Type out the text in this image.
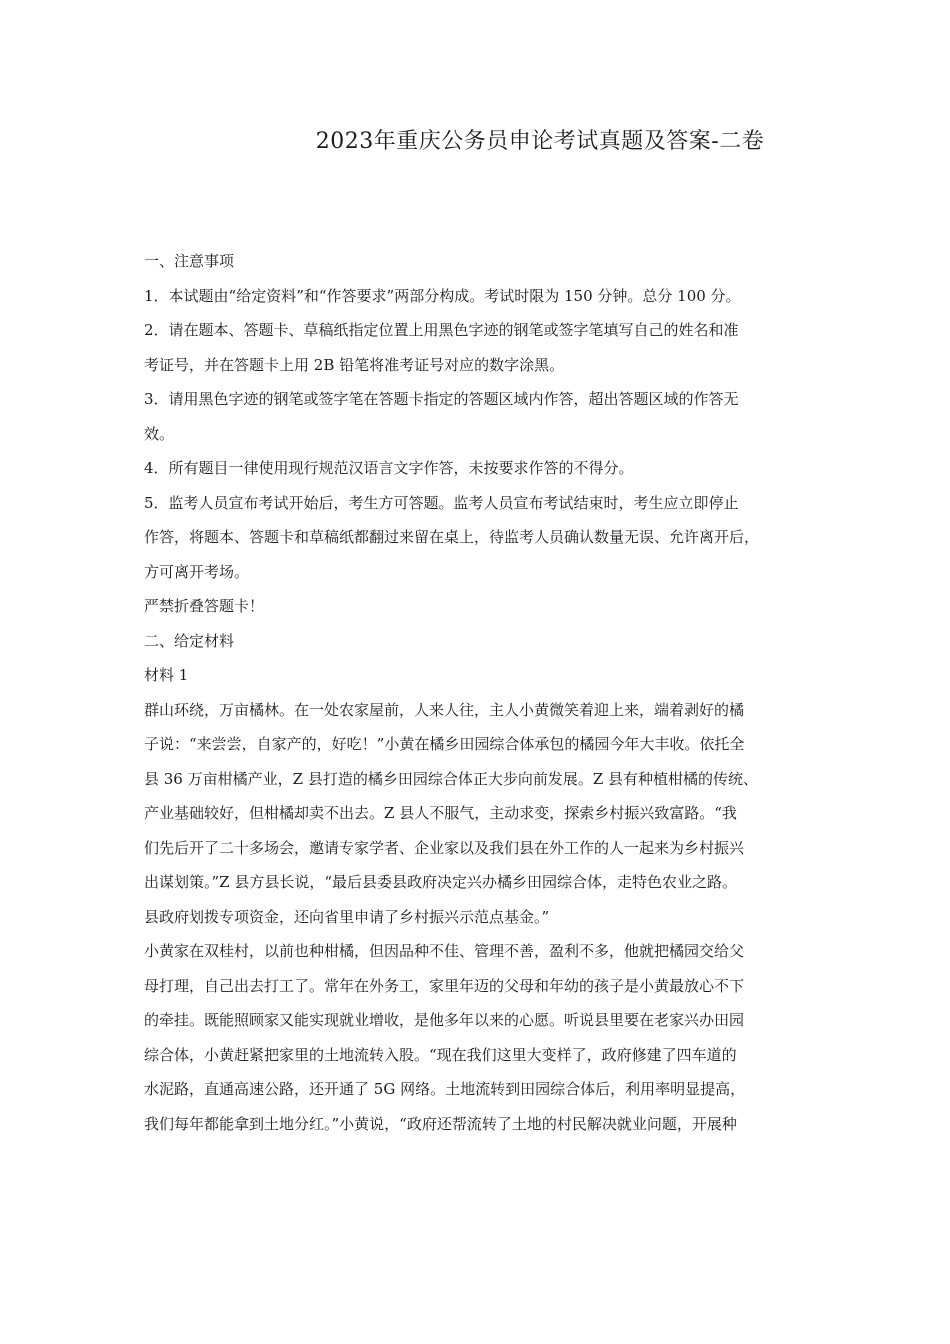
2023年重庆公务员申论考试真题及答案-二卷
一、注意事项
1．本试题由“给定资料”和“作答要求”两部分构成。考试时限为 150 分钟。总分 100 分。
2．请在题本、答题卡、草稿纸指定位置上用黑色字迹的钢笔或签字笔填写自己的姓名和准
考证号，并在答题卡上用 2B 铅笔将准考证号对应的数字涂黑。
3．请用黑色字迹的钢笔或签字笔在答题卡指定的答题区域内作答，超出答题区域的作答无
效。
4．所有题目一律使用现行规范汉语言文字作答，未按要求作答的不得分。
5．监考人员宣布考试开始后，考生方可答题。监考人员宣布考试结束时，考生应立即停止
作答，将题本、答题卡和草稿纸都翻过来留在桌上，待监考人员确认数量无误、允许离开后，
方可离开考场。
严禁折叠答题卡！
二、给定材料
材料 1
群山环绕，万亩橘林。在一处农家屋前，人来人往，主人小黄微笑着迎上来，端着剥好的橘
子说：“来尝尝，自家产的，好吃！”小黄在橘乡田园综合体承包的橘园今年大丰收。依托全
县 36 万亩柑橘产业，Z 县打造的橘乡田园综合体正大步向前发展。Z 县有种植柑橘的传统、
产业基础较好，但柑橘却卖不出去。Z 县人不服气，主动求变，探索乡村振兴致富路。“我
们先后开了二十多场会，邀请专家学者、企业家以及我们县在外工作的人一起来为乡村振兴
出谋划策。”Z 县方县长说，“最后县委县政府决定兴办橘乡田园综合体，走特色农业之路。
县政府划拨专项资金，还向省里申请了乡村振兴示范点基金。”
小黄家在双桂村，以前也种柑橘，但因品种不佳、管理不善，盈利不多，他就把橘园交给父
母打理，自己出去打工了。常年在外务工，家里年迈的父母和年幼的孩子是小黄最放心不下
的牵挂。既能照顾家又能实现就业增收，是他多年以来的心愿。听说县里要在老家兴办田园
综合体，小黄赶紧把家里的土地流转入股。“现在我们这里大变样了，政府修建了四车道的
水泥路，直通高速公路，还开通了 5G 网络。土地流转到田园综合体后，利用率明显提高，
我们每年都能拿到土地分红。”小黄说，“政府还帮流转了土地的村民解决就业问题，开展种
